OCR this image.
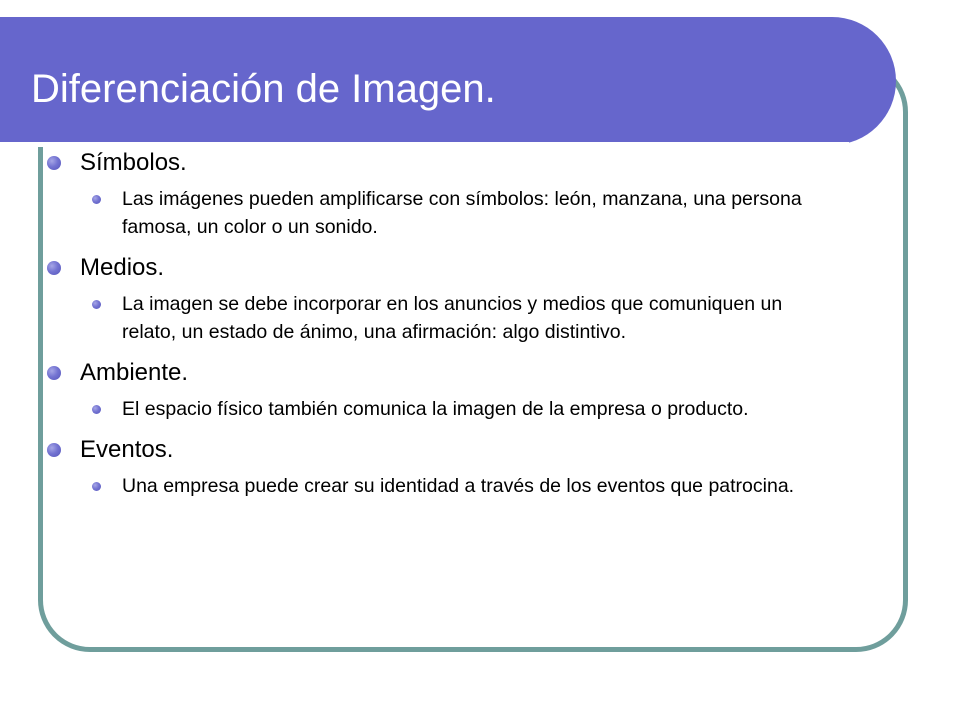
Diferenciación de Imagen.
Símbolos.
Las imágenes pueden amplificarse con símbolos: león, manzana, una persona famosa, un color o un sonido.
Medios.
La imagen se debe incorporar en los anuncios y medios que comuniquen un relato, un estado de ánimo, una afirmación: algo distintivo.
Ambiente.
El espacio físico también comunica la imagen de la empresa o producto.
Eventos.
Una empresa puede crear su identidad a través de los eventos que patrocina.
